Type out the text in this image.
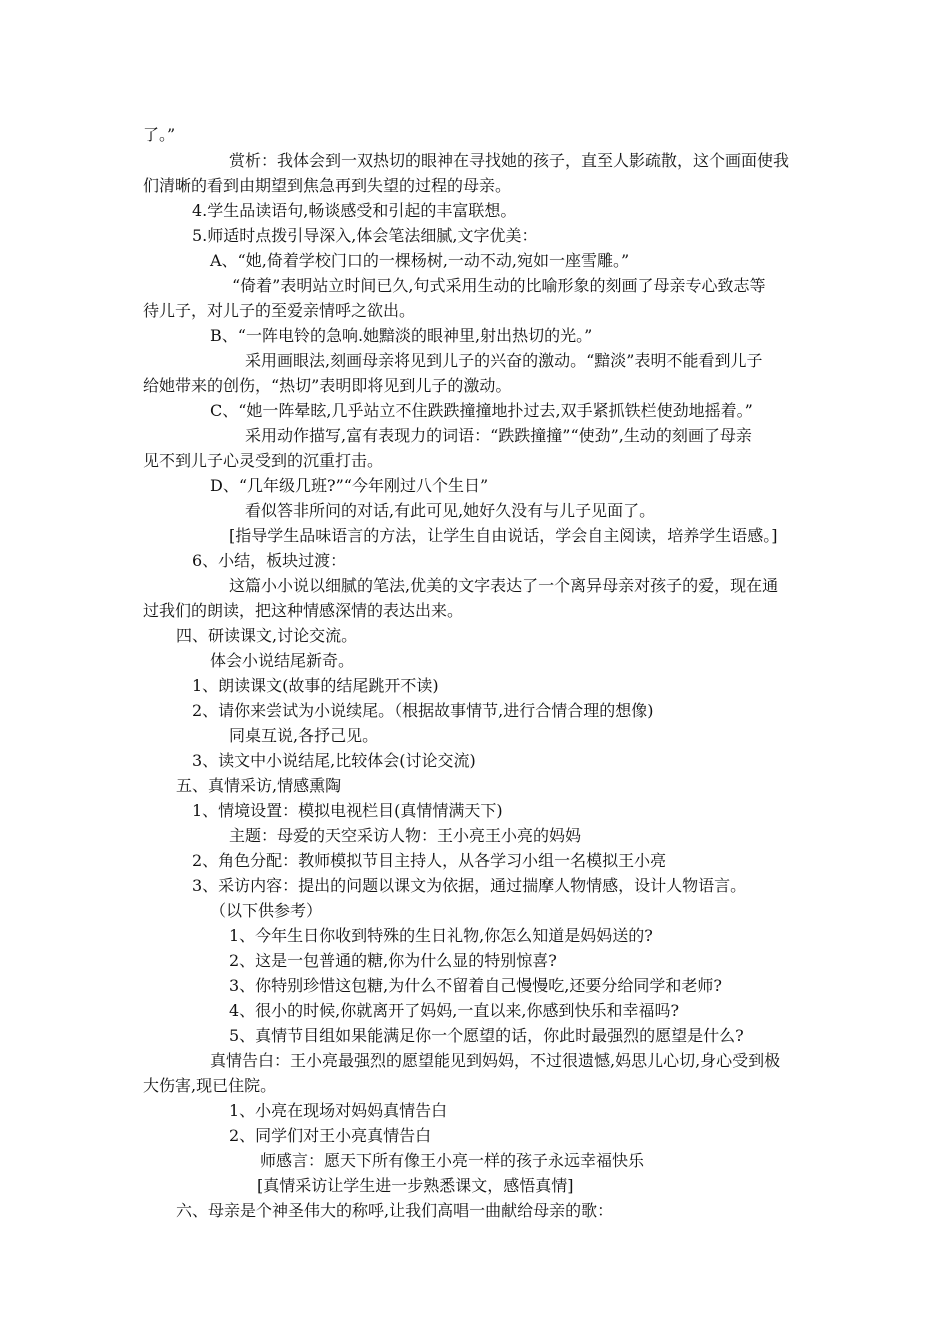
了。”
赏析：我体会到一双热切的眼神在寻找她的孩子，直至人影疏散，这个画面使我
们清晰的看到由期望到焦急再到失望的过程的母亲。
4.学生品读语句,畅谈感受和引起的丰富联想。
5.师适时点拨引导深入,体会笔法细腻,文字优美：
A、“她,倚着学校门口的一棵杨树,一动不动,宛如一座雪雕。”
“倚着”表明站立时间已久,句式采用生动的比喻形象的刻画了母亲专心致志等
待儿子，对儿子的至爱亲情呼之欲出。
B、“一阵电铃的急响.她黯淡的眼神里,射出热切的光。”
采用画眼法,刻画母亲将见到儿子的兴奋的激动。“黯淡”表明不能看到儿子
给她带来的创伤，“热切”表明即将见到儿子的激动。
C、“她一阵晕眩,几乎站立不住跌跌撞撞地扑过去,双手紧抓铁栏使劲地摇着。”
采用动作描写,富有表现力的词语：“跌跌撞撞”“使劲”,生动的刻画了母亲
见不到儿子心灵受到的沉重打击。
D、“几年级几班?”“今年刚过八个生日”
看似答非所问的对话,有此可见,她好久没有与儿子见面了。
[指导学生品味语言的方法，让学生自由说话，学会自主阅读，培养学生语感。]
6、小结，板块过渡：
这篇小小说以细腻的笔法,优美的文字表达了一个离异母亲对孩子的爱，现在通
过我们的朗读，把这种情感深情的表达出来。
四、研读课文,讨论交流。
体会小说结尾新奇。
1、朗读课文(故事的结尾跳开不读)
2、请你来尝试为小说续尾。（根据故事情节,进行合情合理的想像)
同桌互说,各抒己见。
3、读文中小说结尾,比较体会(讨论交流)
五、真情采访,情感熏陶
1、情境设置：模拟电视栏目(真情情满天下)
主题：母爱的天空采访人物：王小亮王小亮的妈妈
2、角色分配：教师模拟节目主持人，从各学习小组一名模拟王小亮
3、采访内容：提出的问题以课文为依据，通过揣摩人物情感，设计人物语言。
（以下供参考）
1、今年生日你收到特殊的生日礼物,你怎么知道是妈妈送的?
2、这是一包普通的糖,你为什么显的特别惊喜?
3、你特别珍惜这包糖,为什么不留着自己慢慢吃,还要分给同学和老师?
4、很小的时候,你就离开了妈妈,一直以来,你感到快乐和幸福吗?
5、真情节目组如果能满足你一个愿望的话，你此时最强烈的愿望是什么?
真情告白：王小亮最强烈的愿望能见到妈妈，不过很遗憾,妈思儿心切,身心受到极
大伤害,现已住院。
1、小亮在现场对妈妈真情告白
2、同学们对王小亮真情告白
师感言：愿天下所有像王小亮一样的孩子永远幸福快乐
[真情采访让学生进一步熟悉课文，感悟真情]
六、母亲是个神圣伟大的称呼,让我们高唱一曲献给母亲的歌：
